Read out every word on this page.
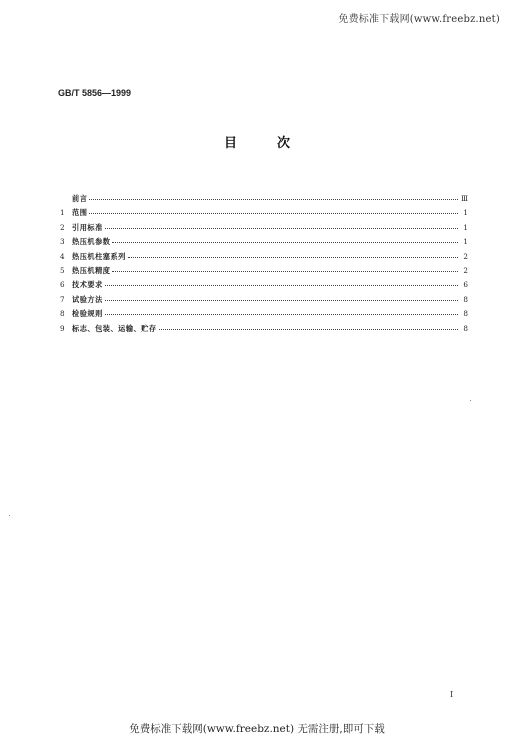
免费标准下载网(www.freebz.net)
GB/T 5856—1999
目次
前言	Ⅲ
1	范围	1
2	引用标准	1
3	热压机参数	1
4	热压机柱塞系列	2
5	热压机精度	2
6	技术要求	6
7	试验方法	8
8	检验规则	8
9	标志、包装、运输、贮存	8
I
免费标准下载网(www.freebz.net) 无需注册,即可下载
